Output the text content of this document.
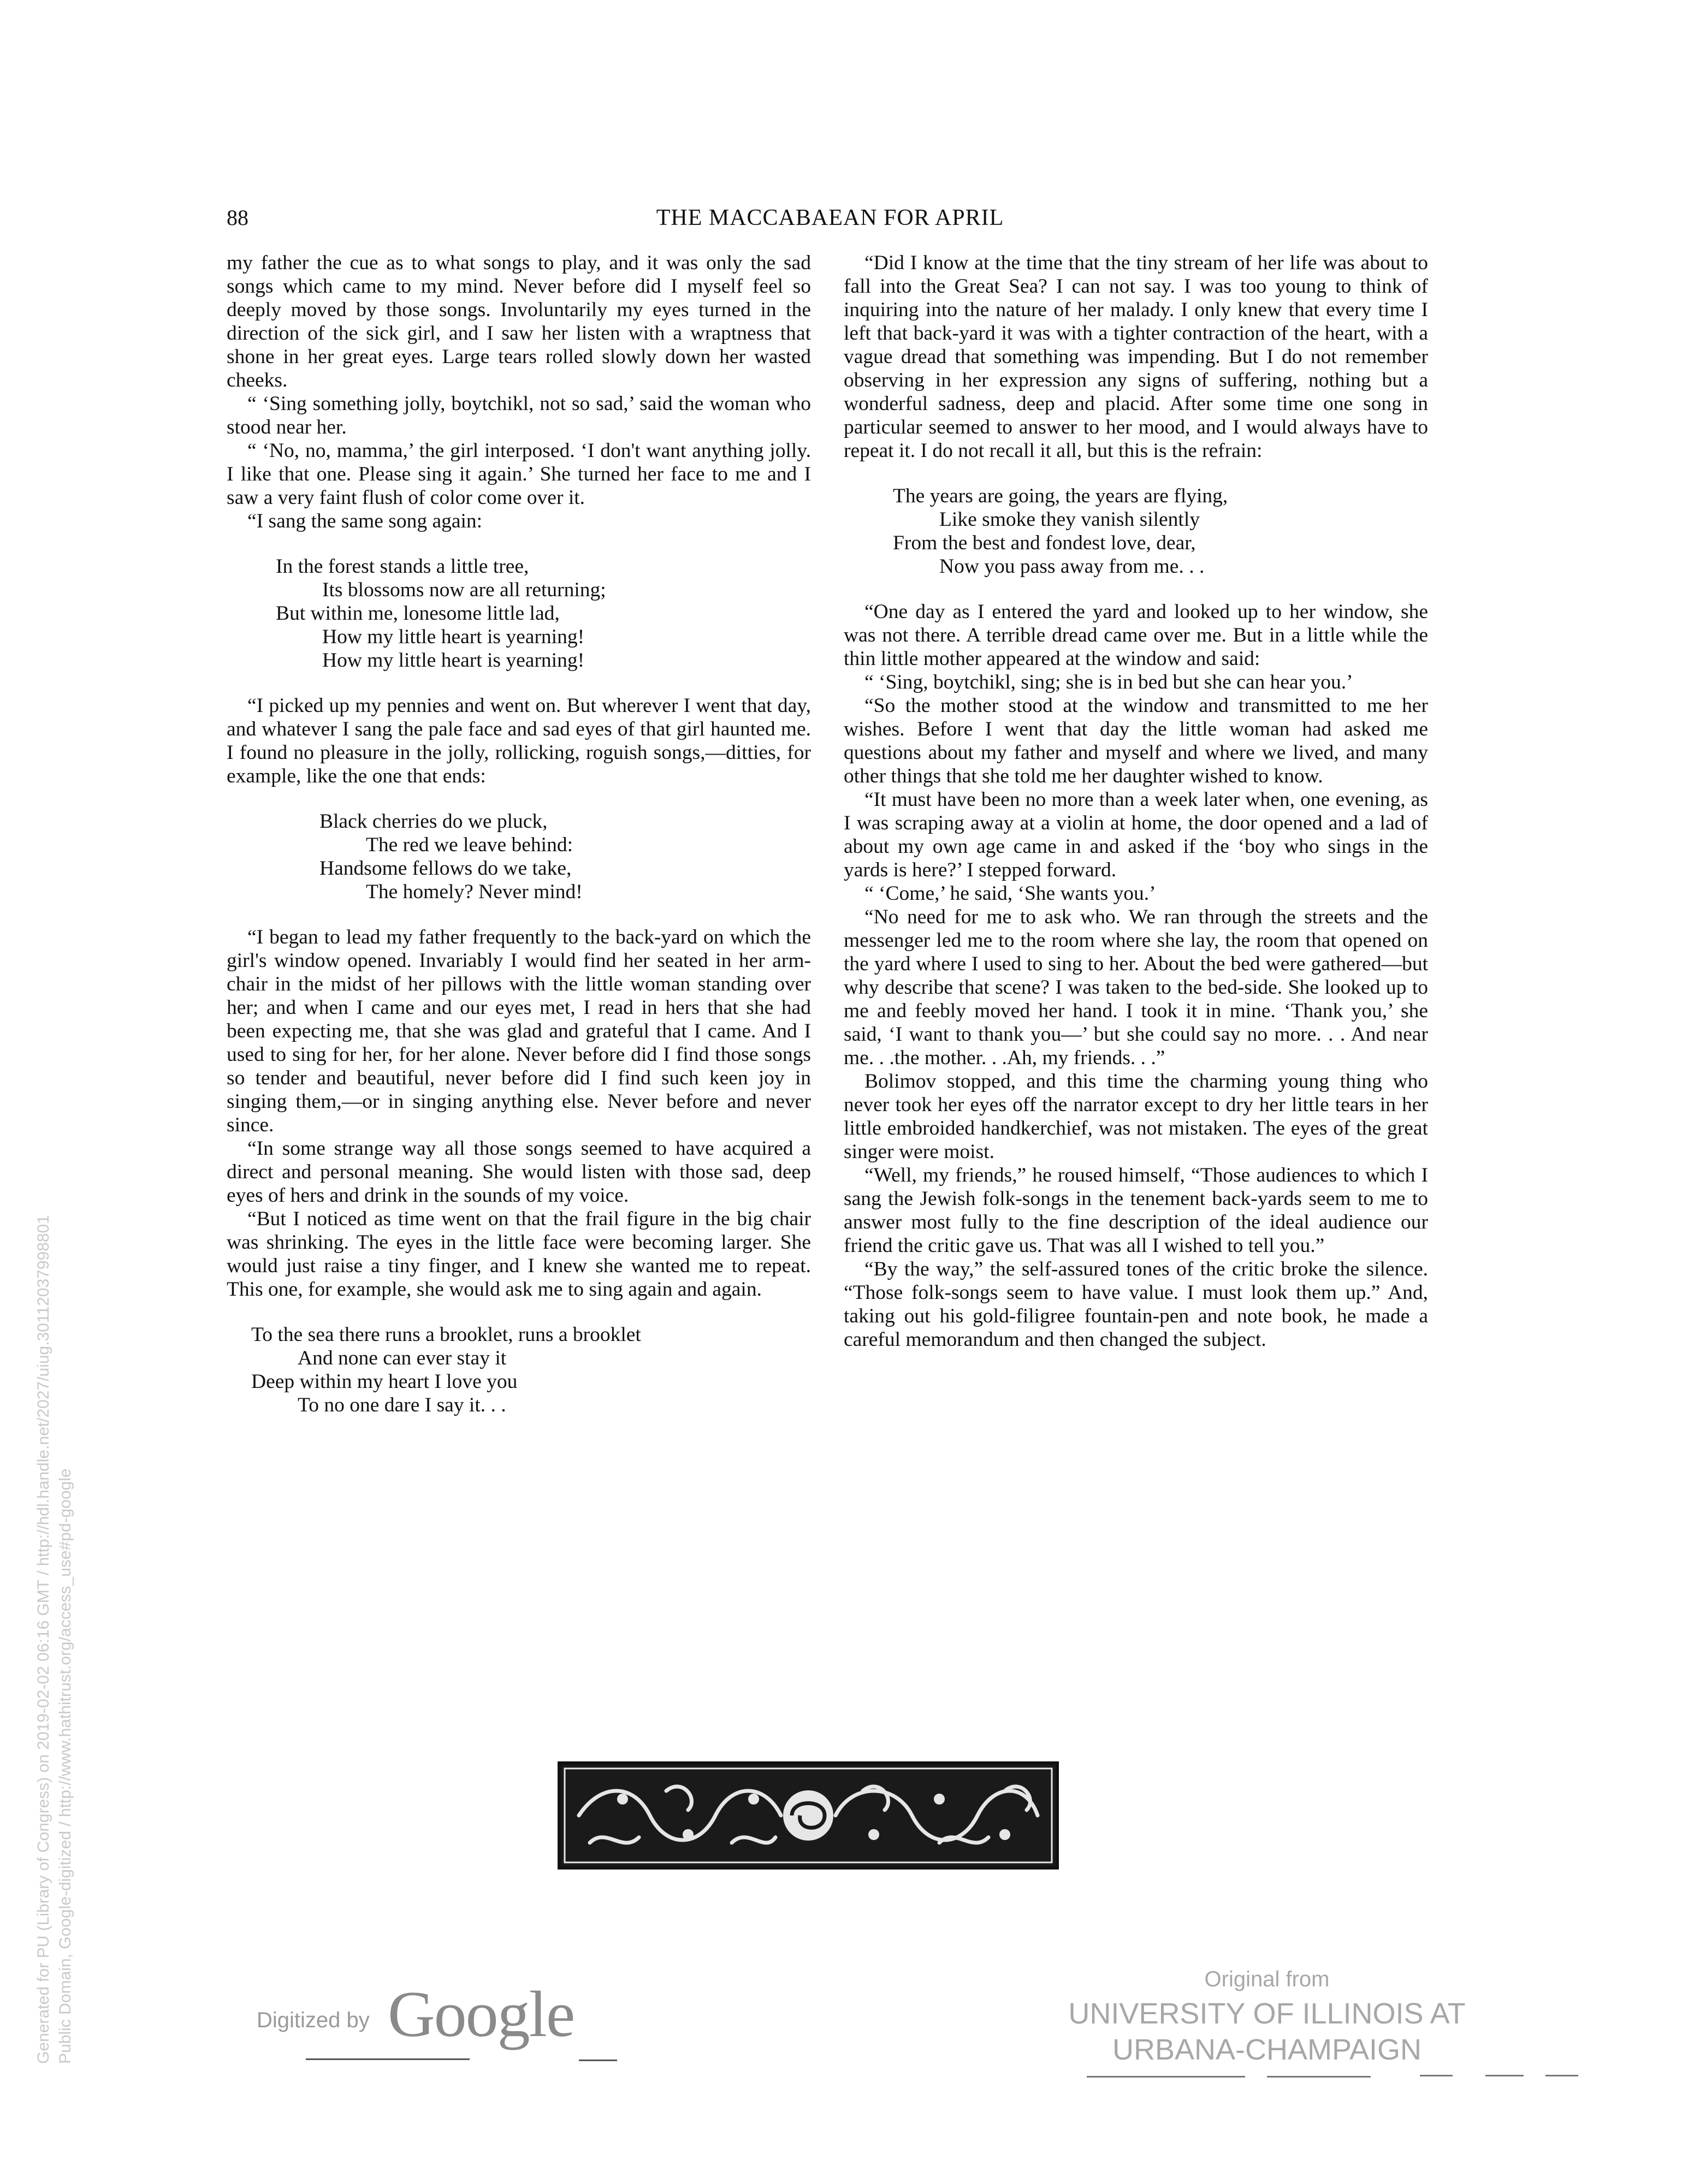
Generated for PU (Library of Congress) on 2019-02-02 06:16 GMT / http://hdl.handle.net/2027/uiug.30112037998801 Public Domain, Google-digitized / http://www.hathitrust.org/access_use#pd-google
88	THE MACCABAEAN FOR APRIL

my father the cue as to what songs to play, and it was only the sad songs which came to my mind. Never before did I myself feel so deeply moved by those songs. Involuntarily my eyes turned in the direction of the sick girl, and I saw her listen with a wraptness that shone in her great eyes. Large tears rolled slowly down her wasted cheeks.

“ ‘Sing something jolly, boytchikl, not so sad,’ said the woman who stood near her.

“ ‘No, no, mamma,’ the girl interposed. ‘I don't want anything jolly. I like that one. Please sing it again.’ She turned her face to me and I saw a very faint flush of color come over it.

“I sang the same song again:

In the forest stands a little tree,
Its blossoms now are all returning;
But within me, lonesome little lad,
How my little heart is yearning!
How my little heart is yearning!

“I picked up my pennies and went on. But wherever I went that day, and whatever I sang the pale face and sad eyes of that girl haunted me. I found no pleasure in the jolly, rollicking, roguish songs,—ditties, for example, like the one that ends:

Black cherries do we pluck,
The red we leave behind:
Handsome fellows do we take,
The homely? Never mind!

“I began to lead my father frequently to the back-yard on which the girl's window opened. Invariably I would find her seated in her arm-chair in the midst of her pillows with the little woman standing over her; and when I came and our eyes met, I read in hers that she had been expecting me, that she was glad and grateful that I came. And I used to sing for her, for her alone. Never before did I find those songs so tender and beautiful, never before did I find such keen joy in singing them,—or in singing anything else. Never before and never since.

“In some strange way all those songs seemed to have acquired a direct and personal meaning. She would listen with those sad, deep eyes of hers and drink in the sounds of my voice.

“But I noticed as time went on that the frail figure in the big chair was shrinking. The eyes in the little face were becoming larger. She would just raise a tiny finger, and I knew she wanted me to repeat. This one, for example, she would ask me to sing again and again.

To the sea there runs a brooklet, runs a brooklet
And none can ever stay it
Deep within my heart I love you
To no one dare I say it. . .

“Did I know at the time that the tiny stream of her life was about to fall into the Great Sea? I can not say. I was too young to think of inquiring into the nature of her malady. I only knew that every time I left that back-yard it was with a tighter contraction of the heart, with a vague dread that something was impending. But I do not remember observing in her expression any signs of suffering, nothing but a wonderful sadness, deep and placid. After some time one song in particular seemed to answer to her mood, and I would always have to repeat it. I do not recall it all, but this is the refrain:

The years are going, the years are flying,
Like smoke they vanish silently
From the best and fondest love, dear,
Now you pass away from me. . .

“One day as I entered the yard and looked up to her window, she was not there. A terrible dread came over me. But in a little while the thin little mother appeared at the window and said:

“ ‘Sing, boytchikl, sing; she is in bed but she can hear you.’

“So the mother stood at the window and transmitted to me her wishes. Before I went that day the little woman had asked me questions about my father and myself and where we lived, and many other things that she told me her daughter wished to know.

“It must have been no more than a week later when, one evening, as I was scraping away at a violin at home, the door opened and a lad of about my own age came in and asked if the ‘boy who sings in the yards is here?’ I stepped forward.

“ ‘Come,’ he said, ‘She wants you.’

“No need for me to ask who. We ran through the streets and the messenger led me to the room where she lay, the room that opened on the yard where I used to sing to her. About the bed were gathered—but why describe that scene? I was taken to the bed-side. She looked up to me and feebly moved her hand. I took it in mine. ‘Thank you,’ she said, ‘I want to thank you—’ but she could say no more. . . And near me. . .the mother. . .Ah, my friends. . .”

Bolimov stopped, and this time the charming young thing who never took her eyes off the narrator except to dry her little tears in her little embroided handkerchief, was not mistaken. The eyes of the great singer were moist.

“Well, my friends,” he roused himself, “Those audiences to which I sang the Jewish folk-songs in the tenement back-yards seem to me to answer most fully to the fine description of the ideal audience our friend the critic gave us. That was all I wished to tell you.”

“By the way,” the self-assured tones of the critic broke the silence. “Those folk-songs seem to have value. I must look them up.” And, taking out his gold-filigree fountain-pen and note book, he made a careful memorandum and then changed the subject.

Digitized by Google	Original from
UNIVERSITY OF ILLINOIS AT
URBANA-CHAMPAIGN
